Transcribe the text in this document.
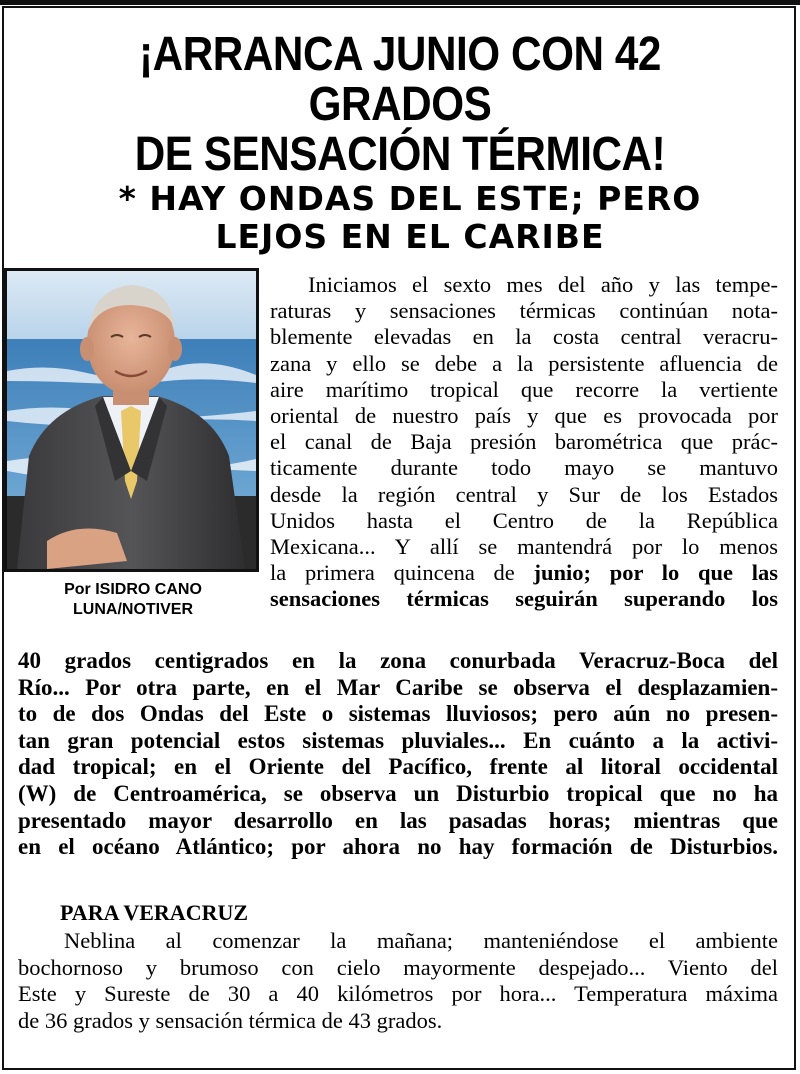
¡ARRANCA JUNIO CON 42 GRADOS
DE SENSACIÓN TÉRMICA!
* HAY ONDAS DEL ESTE; PERO
LEJOS EN EL CARIBE
Por ISIDRO CANO
LUNA/NOTIVER
Iniciamos el sexto mes del año y las tempe-
raturas y sensaciones térmicas continúan nota-
blemente elevadas en la costa central veracru-
zana y ello se debe a la persistente afluencia de
aire marítimo tropical que recorre la vertiente
oriental de nuestro país y que es provocada por
el canal de Baja presión barométrica que prác-
ticamente durante todo mayo se mantuvo
desde la región central y Sur de los Estados
Unidos hasta el Centro de la República
Mexicana... Y allí se mantendrá por lo menos
la primera quincena de junio; por lo que las
sensaciones térmicas seguirán superando los
40 grados centigrados en la zona conurbada Veracruz-Boca del
Río... Por otra parte, en el Mar Caribe se observa el desplazamien-
to de dos Ondas del Este o sistemas lluviosos; pero aún no presen-
tan gran potencial estos sistemas pluviales... En cuánto a la activi-
dad tropical; en el Oriente del Pacífico, frente al litoral occidental
(W) de Centroamérica, se observa un Disturbio tropical que no ha
presentado mayor desarrollo en las pasadas horas; mientras que
en el océano Atlántico; por ahora no hay formación de Disturbios.
PARA VERACRUZ
Neblina al comenzar la mañana; manteniéndose el ambiente
bochornoso y brumoso con cielo mayormente despejado... Viento del
Este y Sureste de 30 a 40 kilómetros por hora... Temperatura máxima
de 36 grados y sensación térmica de 43 grados.
